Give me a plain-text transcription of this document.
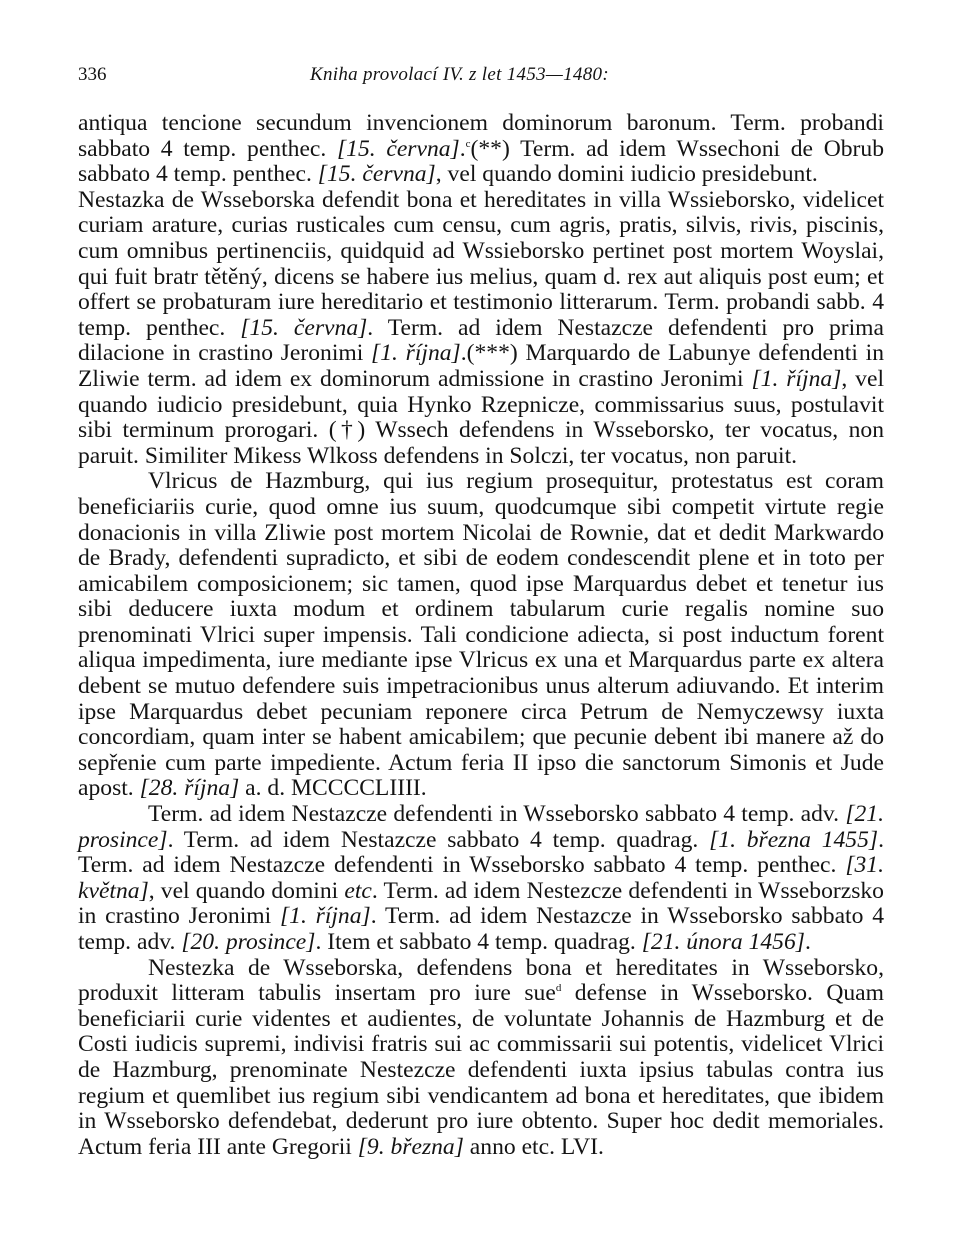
336	Kniha provolací IV. z let 1453—1480:

antiqua tencione secundum invencionem dominorum baronum. Term. probandi sabbato 4 temp. penthec. [15. června].$^c$(**) Term. ad idem Wssechoni de Obrub sabbato 4 temp. penthec. [15. června], vel quando domini iudicio presidebunt.

Nestazka de Wsseborska defendit bona et hereditates in villa Wssieborsko, videlicet curiam arature, curias rusticales cum censu, cum agris, pratis, silvis, rivis, piscinis, cum omnibus pertinenciis, quidquid ad Wssieborsko pertinet post mortem Woyslai, qui fuit bratr tětěný, dicens se habere ius melius, quam d. rex aut aliquis post eum; et offert se probaturam iure hereditario et testimonio litterarum. Term. probandi sabb. 4 temp. penthec. [15. června]. Term. ad idem Nestazcze defendenti pro prima dilacione in crastino Jeronimi [1. října].(***) Marquardo de Labunye defendenti in Zliwie term. ad idem ex dominorum admissione in crastino Jeronimi [1. října], vel quando iudicio presidebunt, quia Hynko Rzepnicze, commissarius suus, postulavit sibi terminum prorogari. (†) Wssech defendens in Wsseborsko, ter vocatus, non paruit. Similiter Mikess Wlkoss defendens in Solczi, ter vocatus, non paruit.

Vlricus de Hazmburg, qui ius regium prosequitur, protestatus est coram beneficiariis curie, quod omne ius suum, quodcumque sibi competit virtute regie donacionis in villa Zliwie post mortem Nicolai de Rownie, dat et dedit Markwardo de Brady, defendenti supradicto, et sibi de eodem condescendit plene et in toto per amicabilem composicionem; sic tamen, quod ipse Marquardus debet et tenetur ius sibi deducere iuxta modum et ordinem tabularum curie regalis nomine suo prenominati Vlrici super impensis. Tali condicione adiecta, si post inductum forent aliqua impedimenta, iure mediante ipse Vlricus ex una et Marquardus parte ex altera debent se mutuo defendere suis impetracionibus unus alterum adiuvando. Et interim ipse Marquardus debet pecuniam reponere circa Petrum de Nemyczewsy iuxta concordiam, quam inter se habent amicabilem; que pecunie debent ibi manere až do sepřenie cum parte impediente. Actum feria II ipso die sanctorum Simonis et Jude apost. [28. října] a. d. MCCCCLIIII.

Term. ad idem Nestazcze defendenti in Wsseborsko sabbato 4 temp. adv. [21. prosince]. Term. ad idem Nestazcze sabbato 4 temp. quadrag. [1. března 1455]. Term. ad idem Nestazcze defendenti in Wsseborsko sabbato 4 temp. penthec. [31. května], vel quando domini etc. Term. ad idem Nestezcze defendenti in Wsseborzsko in crastino Jeronimi [1. října]. Term. ad idem Nestazcze in Wsseborsko sabbato 4 temp. adv. [20. prosince]. Item et sabbato 4 temp. quadrag. [21. února 1456].

Nestezka de Wsseborska, defendens bona et hereditates in Wsseborsko, produxit litteram tabulis insertam pro iure sue$^d$ defense in Wsseborsko. Quam beneficiarii curie videntes et audientes, de voluntate Johannis de Hazmburg et de Costi iudicis supremi, indivisi fratris sui ac commissarii sui potentis, videlicet Vlrici de Hazmburg, prenominate Nestezcze defendenti iuxta ipsius tabulas contra ius regium et quemlibet ius regium sibi vendicantem ad bona et hereditates, que ibidem in Wsseborsko defendebat, dederunt pro iure obtento. Super hoc dedit memoriales. Actum feria III ante Gregorii [9. března] anno etc. LVI.
